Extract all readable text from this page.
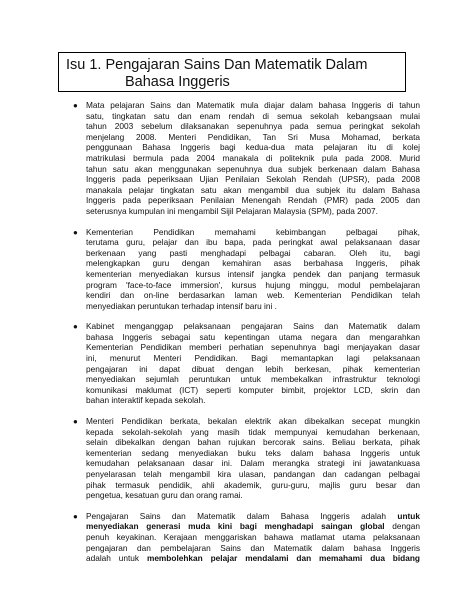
Isu 1. Pengajaran Sains Dan Matematik Dalam
Bahasa Inggeris
● Mata pelajaran Sains dan Matematik mula diajar dalam bahasa Inggeris di tahun
satu, tingkatan satu dan enam rendah di semua sekolah kebangsaan mulai
tahun 2003 sebelum dilaksanakan sepenuhnya pada semua peringkat sekolah
menjelang 2008. Menteri Pendidikan, Tan Sri Musa Mohamad, berkata
penggunaan Bahasa Inggeris bagi kedua-dua mata pelajaran itu di kolej
matrikulasi bermula pada 2004 manakala di politeknik pula pada 2008. Murid
tahun satu akan menggunakan sepenuhnya dua subjek berkenaan dalam Bahasa
Inggeris pada peperiksaan Ujian Penilaian Sekolah Rendah (UPSR), pada 2008
manakala pelajar tingkatan satu akan mengambil dua subjek itu dalam Bahasa
Inggeris pada peperiksaan Penilaian Menengah Rendah (PMR) pada 2005 dan
seterusnya kumpulan ini mengambil Sijil Pelajaran Malaysia (SPM), pada 2007.
● Kementerian Pendidikan memahami kebimbangan pelbagai pihak,
terutama guru, pelajar dan ibu bapa, pada peringkat awal pelaksanaan dasar
berkenaan yang pasti menghadapi pelbagai cabaran. Oleh itu, bagi
melengkapkan guru dengan kemahiran asas berbahasa Inggeris, pihak
kementerian menyediakan kursus intensif jangka pendek dan panjang termasuk
program 'face-to-face immersion', kursus hujung minggu, modul pembelajaran
kendiri dan on-line berdasarkan laman web. Kementerian Pendidikan telah
menyediakan peruntukan terhadap intensif baru ini .
● Kabinet menganggap pelaksanaan pengajaran Sains dan Matematik dalam
bahasa Inggeris sebagai satu kepentingan utama negara dan mengarahkan
Kementerian Pendidikan memberi perhatian sepenuhnya bagi menjayakan dasar
ini, menurut Menteri Pendidikan. Bagi memantapkan lagi pelaksanaan
pengajaran ini dapat dibuat dengan lebih berkesan, pihak kementerian
menyediakan sejumlah peruntukan untuk membekalkan infrastruktur teknologi
komunikasi maklumat (ICT) seperti komputer bimbit, projektor LCD, skrin dan
bahan interaktif kepada sekolah.
● Menteri Pendidikan berkata, bekalan elektrik akan dibekalkan secepat mungkin
kepada sekolah-sekolah yang masih tidak mempunyai kemudahan berkenaan,
selain dibekalkan dengan bahan rujukan bercorak sains. Beliau berkata, pihak
kementerian sedang menyediakan buku teks dalam bahasa Inggeris untuk
kemudahan pelaksanaan dasar ini. Dalam merangka strategi ini jawatankuasa
penyelarasan telah mengambil kira ulasan, pandangan dan cadangan pelbagai
pihak termasuk pendidik, ahli akademik, guru-guru, majlis guru besar dan
pengetua, kesatuan guru dan orang ramai.
● Pengajaran Sains dan Matematik dalam Bahasa Inggeris adalah untuk
menyediakan generasi muda kini bagi menghadapi saingan global dengan
penuh keyakinan. Kerajaan menggariskan bahawa matlamat utama pelaksanaan
pengajaran dan pembelajaran Sains dan Matematik dalam bahasa Inggeris
adalah untuk membolehkan pelajar mendalami dan memahami dua bidang
